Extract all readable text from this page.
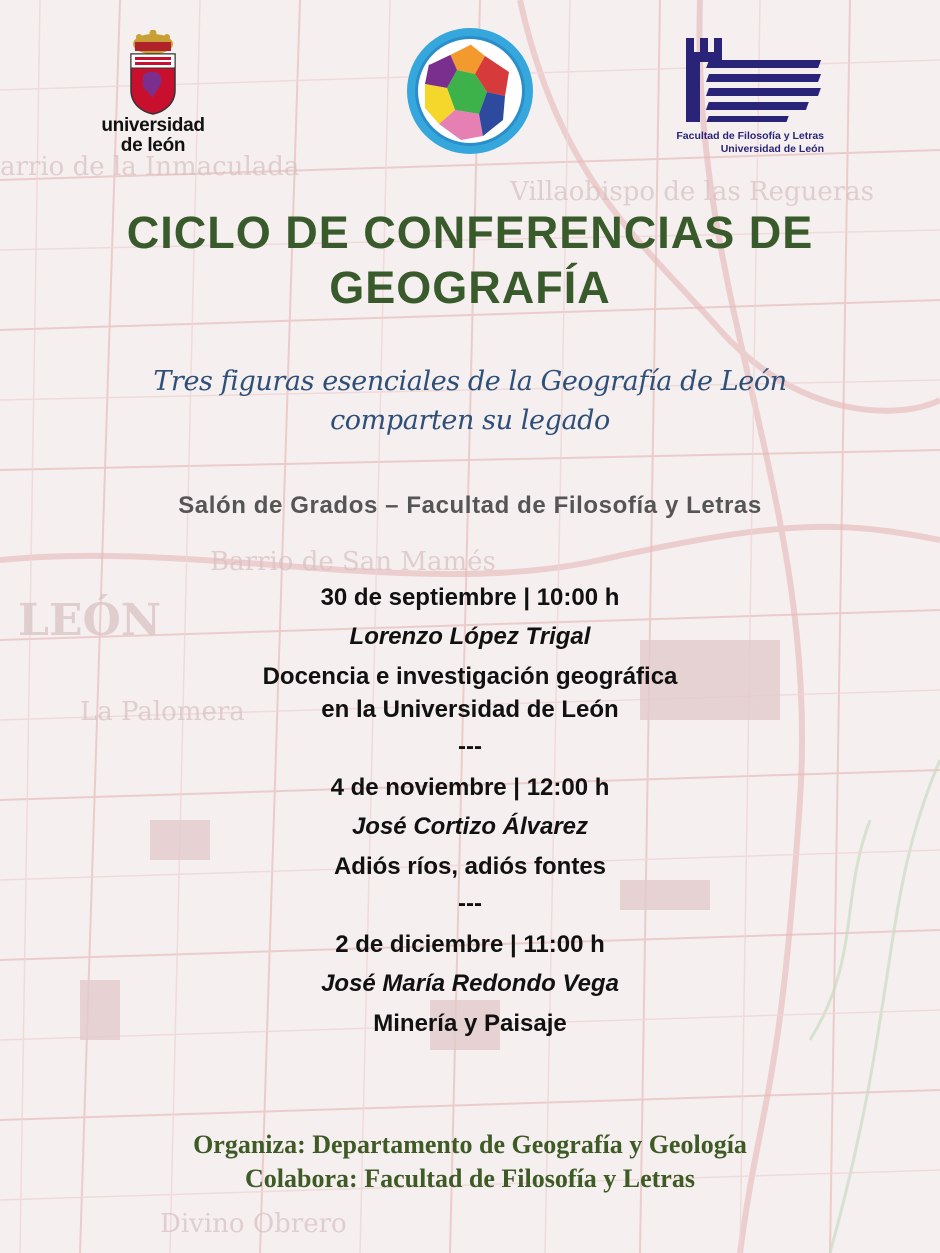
arrio de la Inmaculada
Villaobispo de las Regueras
Barrio de San Mamés
La Palomera
Divino Obrero
LEÓN
universidad
de león	Facultad de Filosofía y Letras
Universidad de León
CICLO DE CONFERENCIAS DE
GEOGRAFÍA
Tres figuras esenciales de la Geografía de León
comparten su legado
Salón de Grados – Facultad de Filosofía y Letras
30 de septiembre | 10:00 h
Lorenzo López Trigal
Docencia e investigación geográfica
en la Universidad de León
---
4 de noviembre | 12:00 h
José Cortizo Álvarez
Adiós ríos, adiós fontes
---
2 de diciembre | 11:00 h
José María Redondo Vega
Minería y Paisaje
Organiza: Departamento de Geografía y Geología
Colabora: Facultad de Filosofía y Letras
